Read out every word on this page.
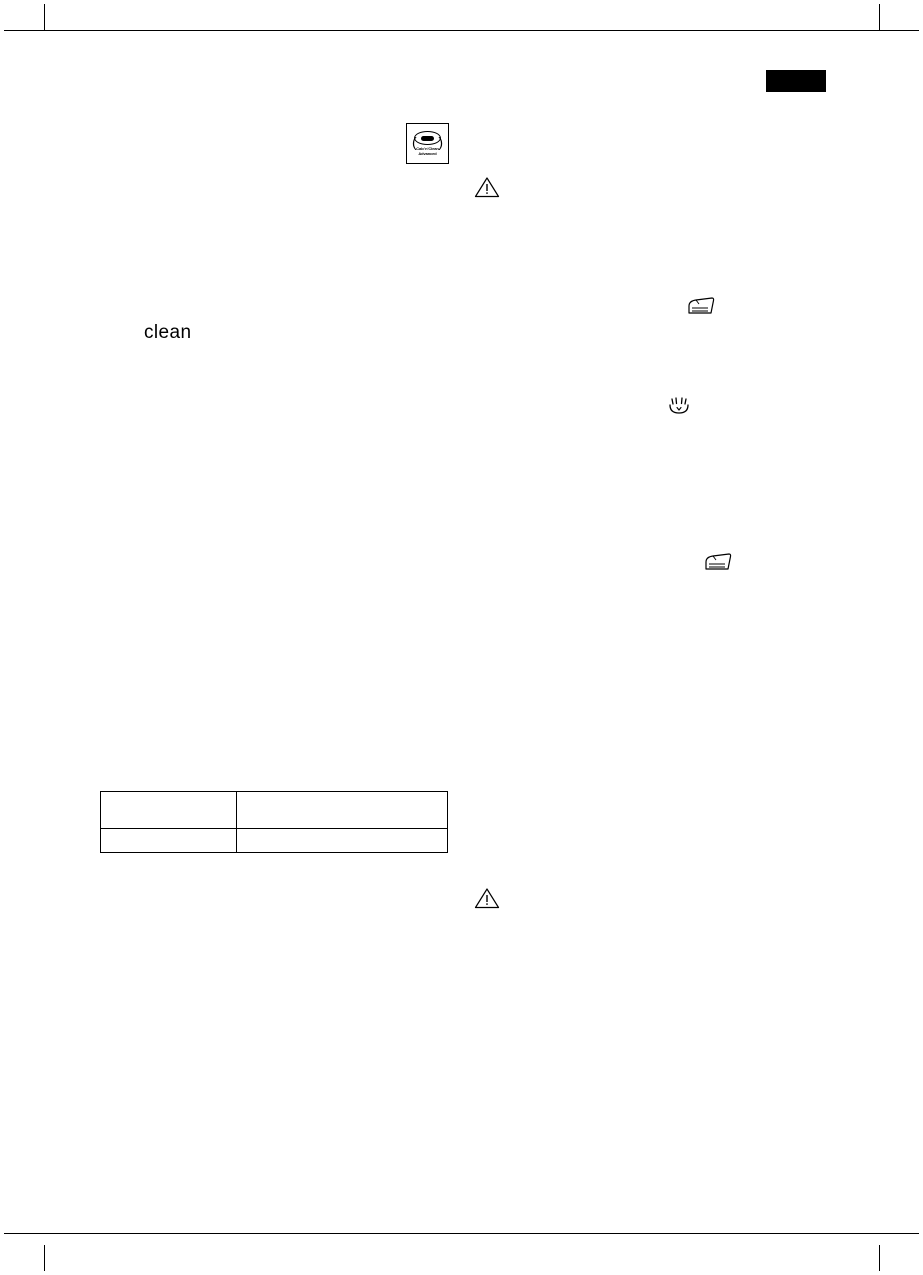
( )
Calc'n'Clean
Advanced
clean
